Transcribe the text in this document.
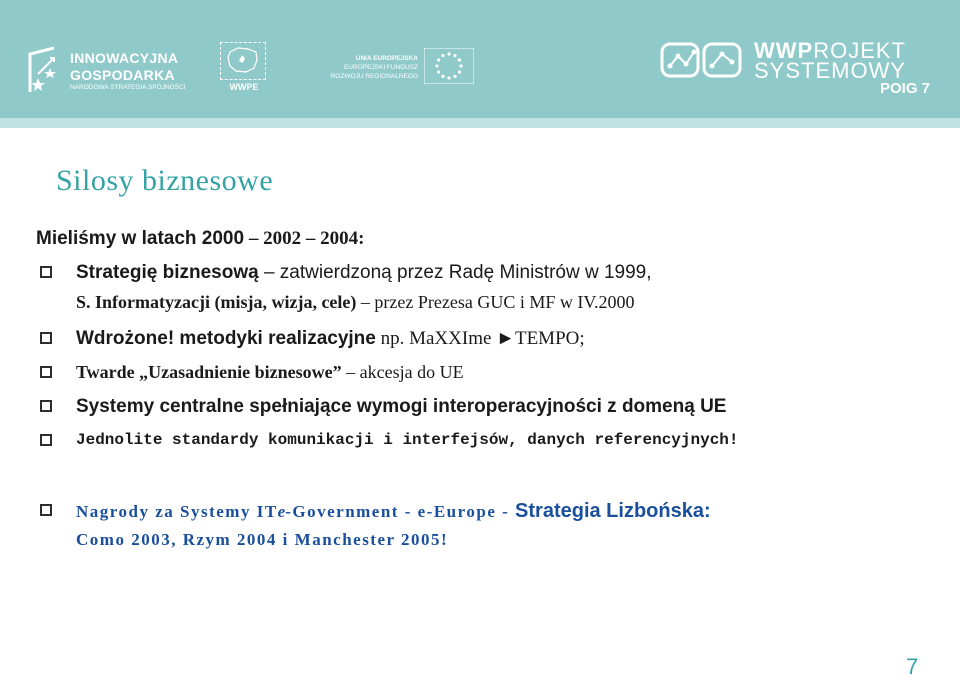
INNOWACYJNA
GOSPODARKA
NARODOWA STRATEGIA SPÓJNOŚCI	WWPE
UNIA EUROPEJSKA
EUROPEJSKI FUNDUSZ
ROZWOJU REGIONALNEGO
WWPROJEKT
SYSTEMOWY
POIG 7
Silosy biznesowe
Mieliśmy w latach 2000 – 2002 – 2004:
Strategię biznesową – zatwierdzoną przez Radę Ministrów w 1999,
S. Informatyzacji (misja, wizja, cele) – przez Prezesa GUC i MF w IV.2000
Wdrożone! metodyki realizacyjne np. MaXXIme ►TEMPO;
Twarde „Uzasadnienie biznesowe” – akcesja do UE
Systemy centralne spełniające wymogi interoperacyjności z domeną UE
Jednolite standardy komunikacji i interfejsów, danych referencyjnych!
Nagrody za Systemy ITe-Government - e-Europe - Strategia Lizbońska:
Como 2003, Rzym 2004 i Manchester 2005!
7
